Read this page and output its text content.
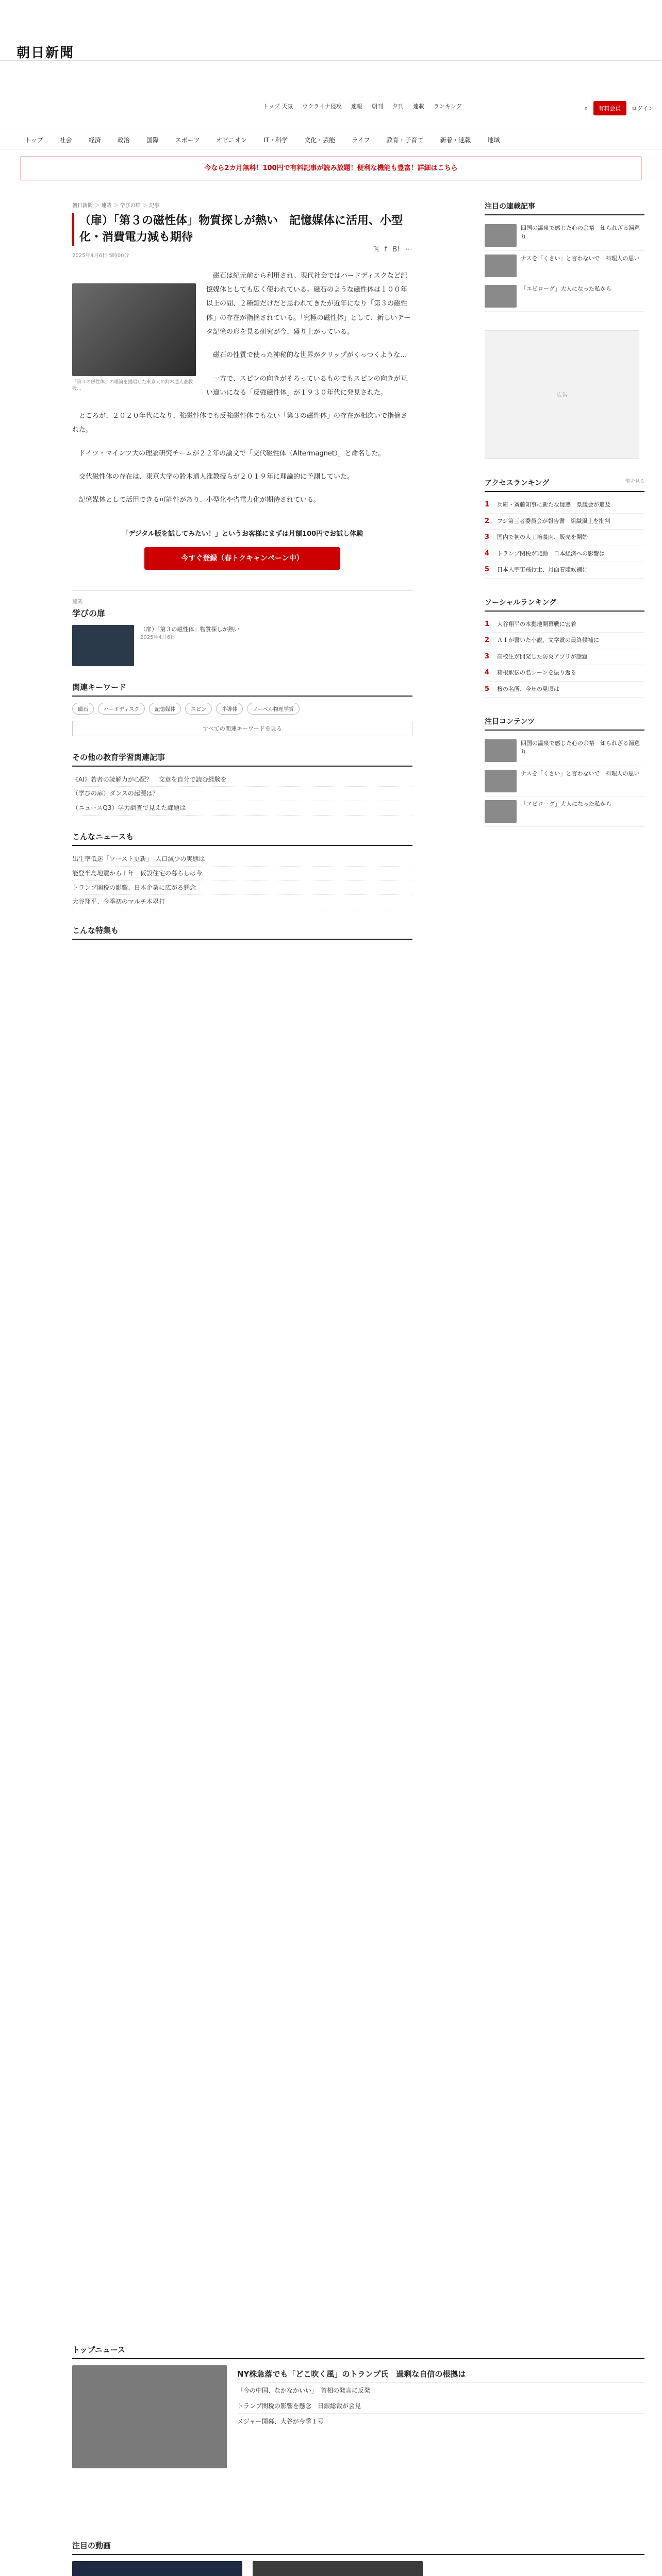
朝日新聞
トップ 天気 ウクライナ侵攻 速報 朝刊 夕刊 連載 ランキング	⌕	有料会員	ログイン
トップ	社会	経済	政治	国際	スポーツ	オピニオン	IT・科学	文化・芸能	ライフ	教育・子育て	新着・速報	地域
今なら2カ月無料！100円で有料記事が読み放題！便利な機能も豊富！詳細はこちら
朝日新聞 ＞ 連載 ＞ 学びの扉 ＞ 記事
（扉）「第３の磁性体」物質探しが熱い　記憶媒体に活用、小型化・消費電力減も期待
2025年4月6日 5時00分
𝕏 f B! ⋯
「第３の磁性体」の理論を提唱した東京大の鈴木通人准教授…

磁石は紀元前から利用され、現代社会ではハードディスクなど記憶媒体としても広く使われている。磁石のような磁性体は１００年以上の間、２種類だけだと思われてきたが近年になり「第３の磁性体」の存在が指摘されている。「究極の磁性体」として、新しいデータ記憶の形を見る研究が今、盛り上がっている。

磁石の性質で使った神秘的な世界がクリップがくっつくような…

一方で、スピンの向きがそろっているものでもスピンの向きが互い違いになる「反強磁性体」が１９３０年代に発見された。

ところが、２０２０年代になり、強磁性体でも反強磁性体でもない「第３の磁性体」の存在が相次いで指摘された。

ドイツ・マインツ大の理論研究チームが２２年の論文で「交代磁性体（Altermagnet）」と命名した。

交代磁性体の存在は、東京大学の鈴木通人准教授らが２０１９年に理論的に予測していた。

記憶媒体として活用できる可能性があり、小型化や省電力化が期待されている。

「デジタル版を試してみたい！」というお客様にまずは月額100円でお試し体験
今すぐ登録（春トクキャンペーン中）
連載
学びの扉
（扉）「第３の磁性体」物質探しが熱い
2025年4月6日
関連キーワード
磁石	ハードディスク	記憶媒体	スピン	半導体	ノーベル物理学賞
すべての関連キーワードを見る
その他の教育学習関連記事
《AI》若者の読解力が心配？　文章を自分で読む経験を
（学びの扉）ダンスの起源は？
（ニュースQ3）学力調査で見えた課題は
こんなニュースも
出生率低迷「ワースト更新」　人口減少の実態は
能登半島地震から１年　仮設住宅の暮らしは今
トランプ関税の影響、日本企業に広がる懸念
大谷翔平、今季初のマルチ本塁打
こんな特集も
注目の連載記事
四国の温泉で感じた心の余裕　知られざる湯巡り
ナスを「くさい」と言わないで　料理人の思い
「エピローグ」大人になった私から
広告
アクセスランキング	一覧を見る
1	兵庫・斎藤知事に新たな疑惑　県議会が追及
2	フジ第三者委員会が報告書　組織風土を批判
3	国内で初の人工培養肉、販売を開始
4	トランプ関税が発動　日本経済への影響は
5	日本人宇宙飛行士、月面着陸候補に
ソーシャルランキング
1	大谷翔平の本拠地開幕戦に密着
2	ＡＩが書いた小説、文学賞の最終候補に
3	高校生が開発した防災アプリが話題
4	箱根駅伝の名シーンを振り返る
5	桜の名所、今年の見頃は
注目コンテンツ
四国の温泉で感じた心の余裕　知られざる湯巡り
ナスを「くさい」と言わないで　料理人の思い
「エピローグ」大人になった私から
トップニュース
NY株急落でも「どこ吹く風」のトランプ氏　過剰な自信の根拠は
「今の中国、なかなかいい」　首相の発言に反発
トランプ関税の影響を懸念　日銀総裁が会見
メジャー開幕、大谷が今季１号
注目の動画
